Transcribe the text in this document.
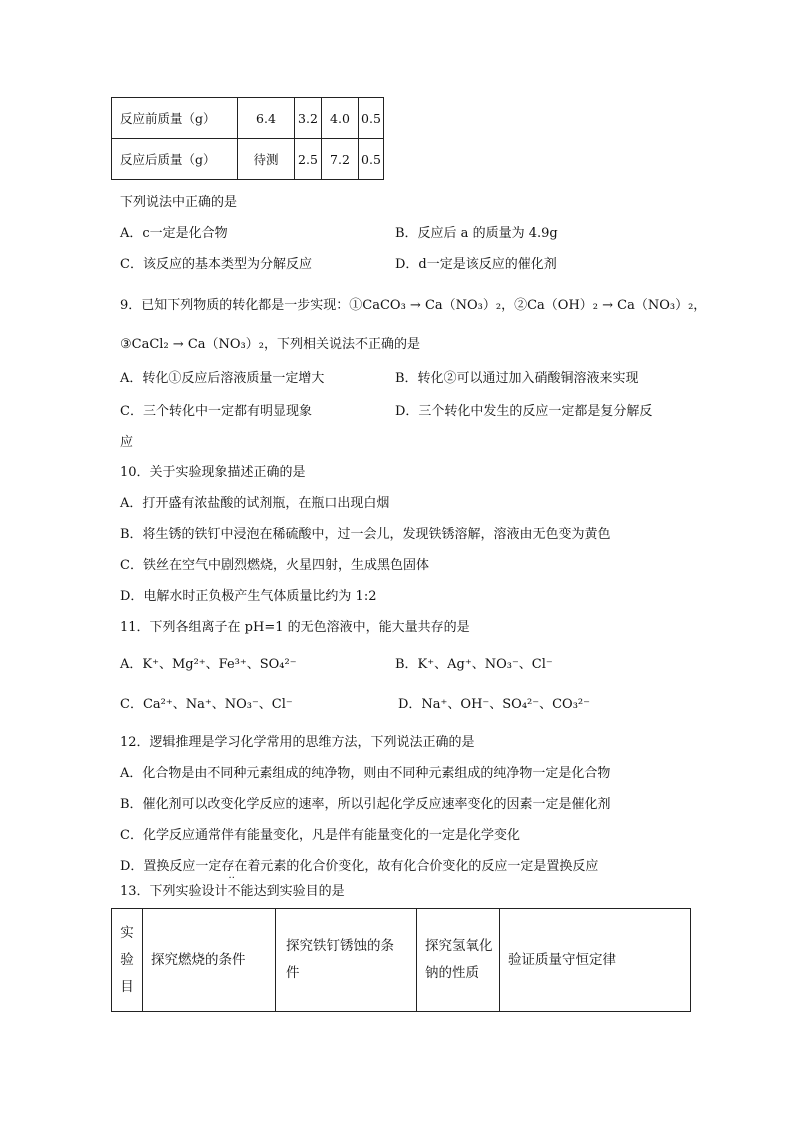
反应前质量（g）	6.4	3.2	4.0	0.5
反应后质量（g）	待测	2.5	7.2	0.5
下列说法中正确的是
A．c一定是化合物	B．反应后 a 的质量为 4.9g
C．该反应的基本类型为分解反应	D．d一定是该反应的催化剂
9．已知下列物质的转化都是一步实现：①CaCO₃ → Ca（NO₃）₂，②Ca（OH）₂ → Ca（NO₃）₂，
③CaCl₂ → Ca（NO₃）₂，下列相关说法不正确的是
A．转化①反应后溶液质量一定增大	B．转化②可以通过加入硝酸铜溶液来实现
C．三个转化中一定都有明显现象	D．三个转化中发生的反应一定都是复分解反
应
10．关于实验现象描述正确的是
A．打开盛有浓盐酸的试剂瓶，在瓶口出现白烟
B．将生锈的铁钉中浸泡在稀硫酸中，过一会儿，发现铁锈溶解，溶液由无色变为黄色
C．铁丝在空气中剧烈燃烧，火星四射，生成黑色固体
D．电解水时正负极产生气体质量比约为 1:2
11．下列各组离子在 pH=1 的无色溶液中，能大量共存的是
A．K⁺、Mg²⁺、Fe³⁺、SO₄²⁻	B．K⁺、Ag⁺、NO₃⁻、Cl⁻
C．Ca²⁺、Na⁺、NO₃⁻、Cl⁻	D．Na⁺、OH⁻、SO₄²⁻、CO₃²⁻
12．逻辑推理是学习化学常用的思维方法，下列说法正确的是
A．化合物是由不同种元素组成的纯净物，则由不同种元素组成的纯净物一定是化合物
B．催化剂可以改变化学反应的速率，所以引起化学反应速率变化的因素一定是催化剂
C．化学反应通常伴有能量变化，凡是伴有能量变化的一定是化学变化
D．置换反应一定存在着元素的化合价变化，故有化合价变化的反应一定是置换反应
13．下列实验设计不能 ··达到实验目的是
实验目	探究燃烧的条件	探究铁钉锈蚀的条件	探究氢氧化钠的性质	验证质量守恒定律
